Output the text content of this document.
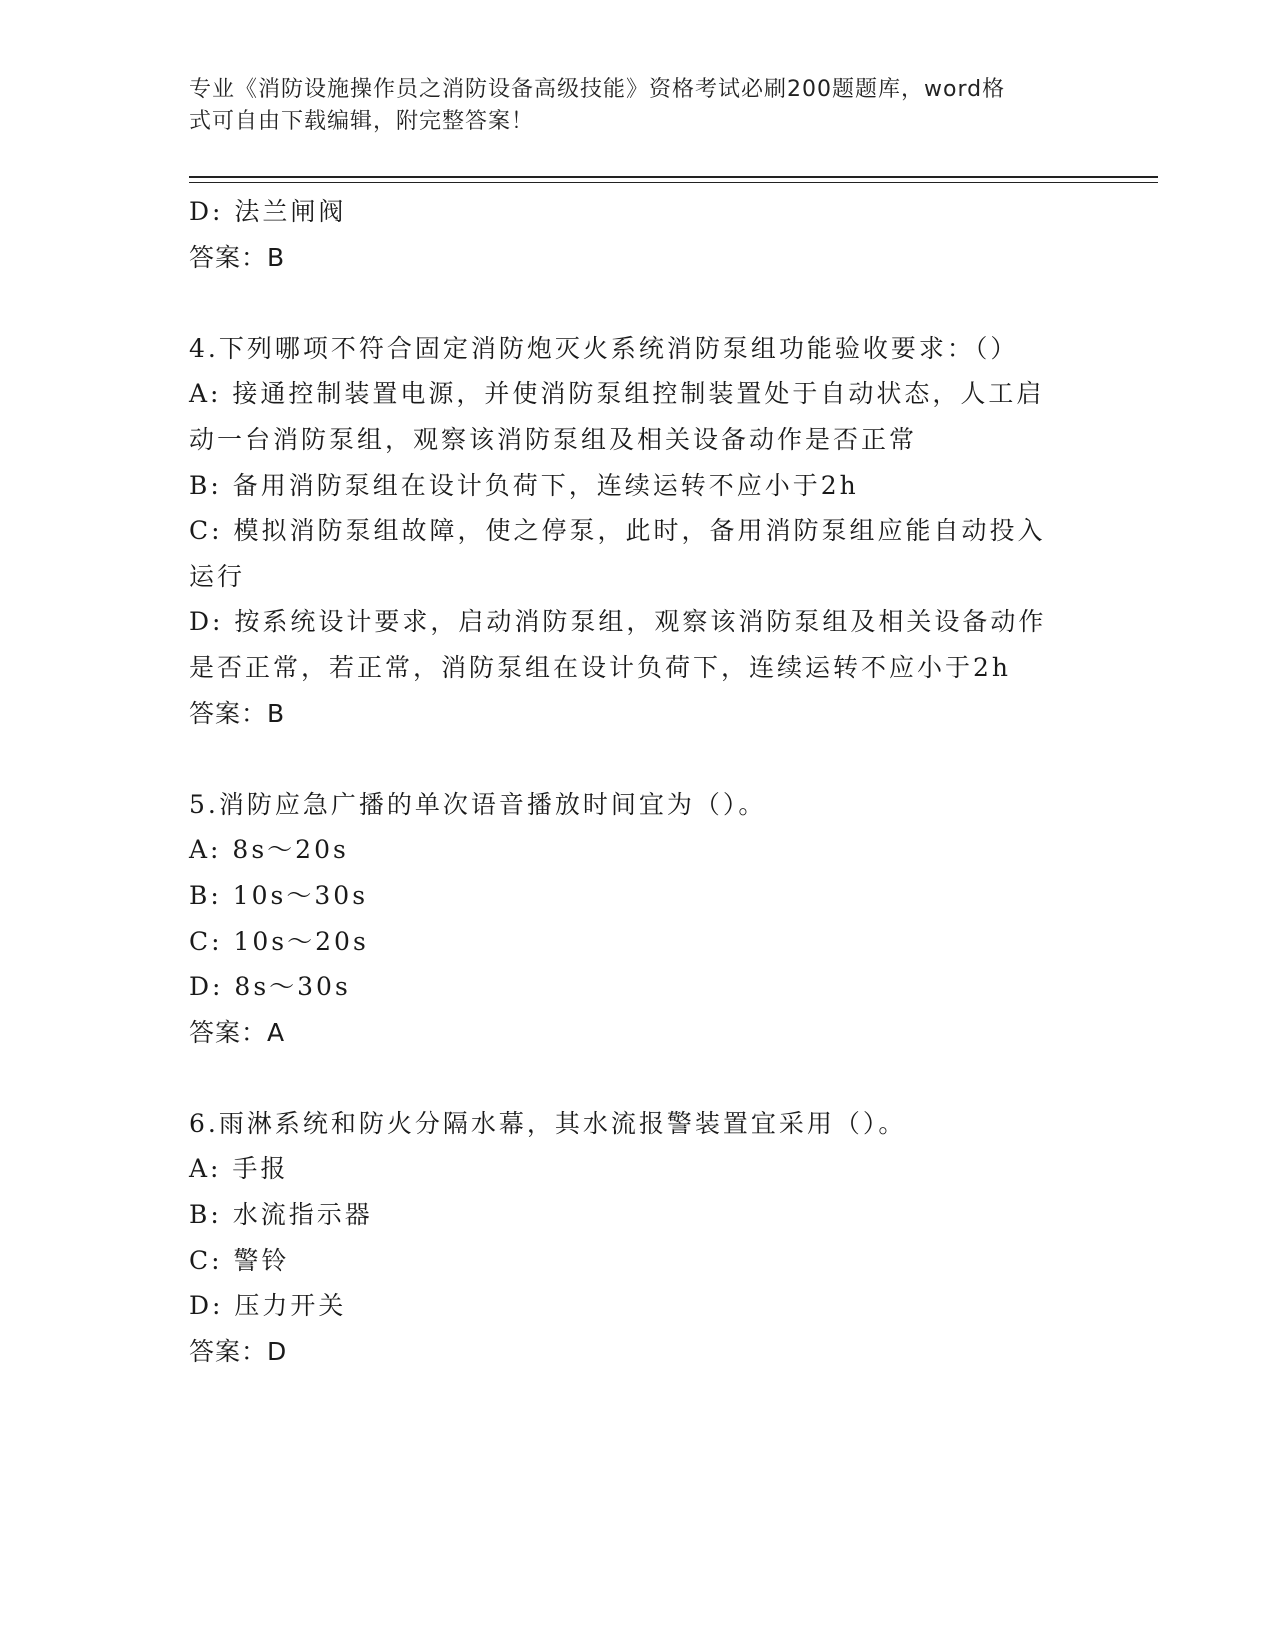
专业《消防设施操作员之消防设备高级技能》资格考试必刷200题题库，word格
式可自由下载编辑，附完整答案！
D: 法兰闸阀
答案：B
4.下列哪项不符合固定消防炮灭火系统消防泵组功能验收要求：（）
A: 接通控制装置电源，并使消防泵组控制装置处于自动状态，人工启
动一台消防泵组，观察该消防泵组及相关设备动作是否正常
B: 备用消防泵组在设计负荷下，连续运转不应小于2h
C: 模拟消防泵组故障，使之停泵，此时，备用消防泵组应能自动投入
运行
D: 按系统设计要求，启动消防泵组，观察该消防泵组及相关设备动作
是否正常，若正常，消防泵组在设计负荷下，连续运转不应小于2h
答案：B
5.消防应急广播的单次语音播放时间宜为（）。
A: 8s～20s
B: 10s～30s
C: 10s～20s
D: 8s～30s
答案：A
6.雨淋系统和防火分隔水幕，其水流报警装置宜采用（）。
A: 手报
B: 水流指示器
C: 警铃
D: 压力开关
答案：D
